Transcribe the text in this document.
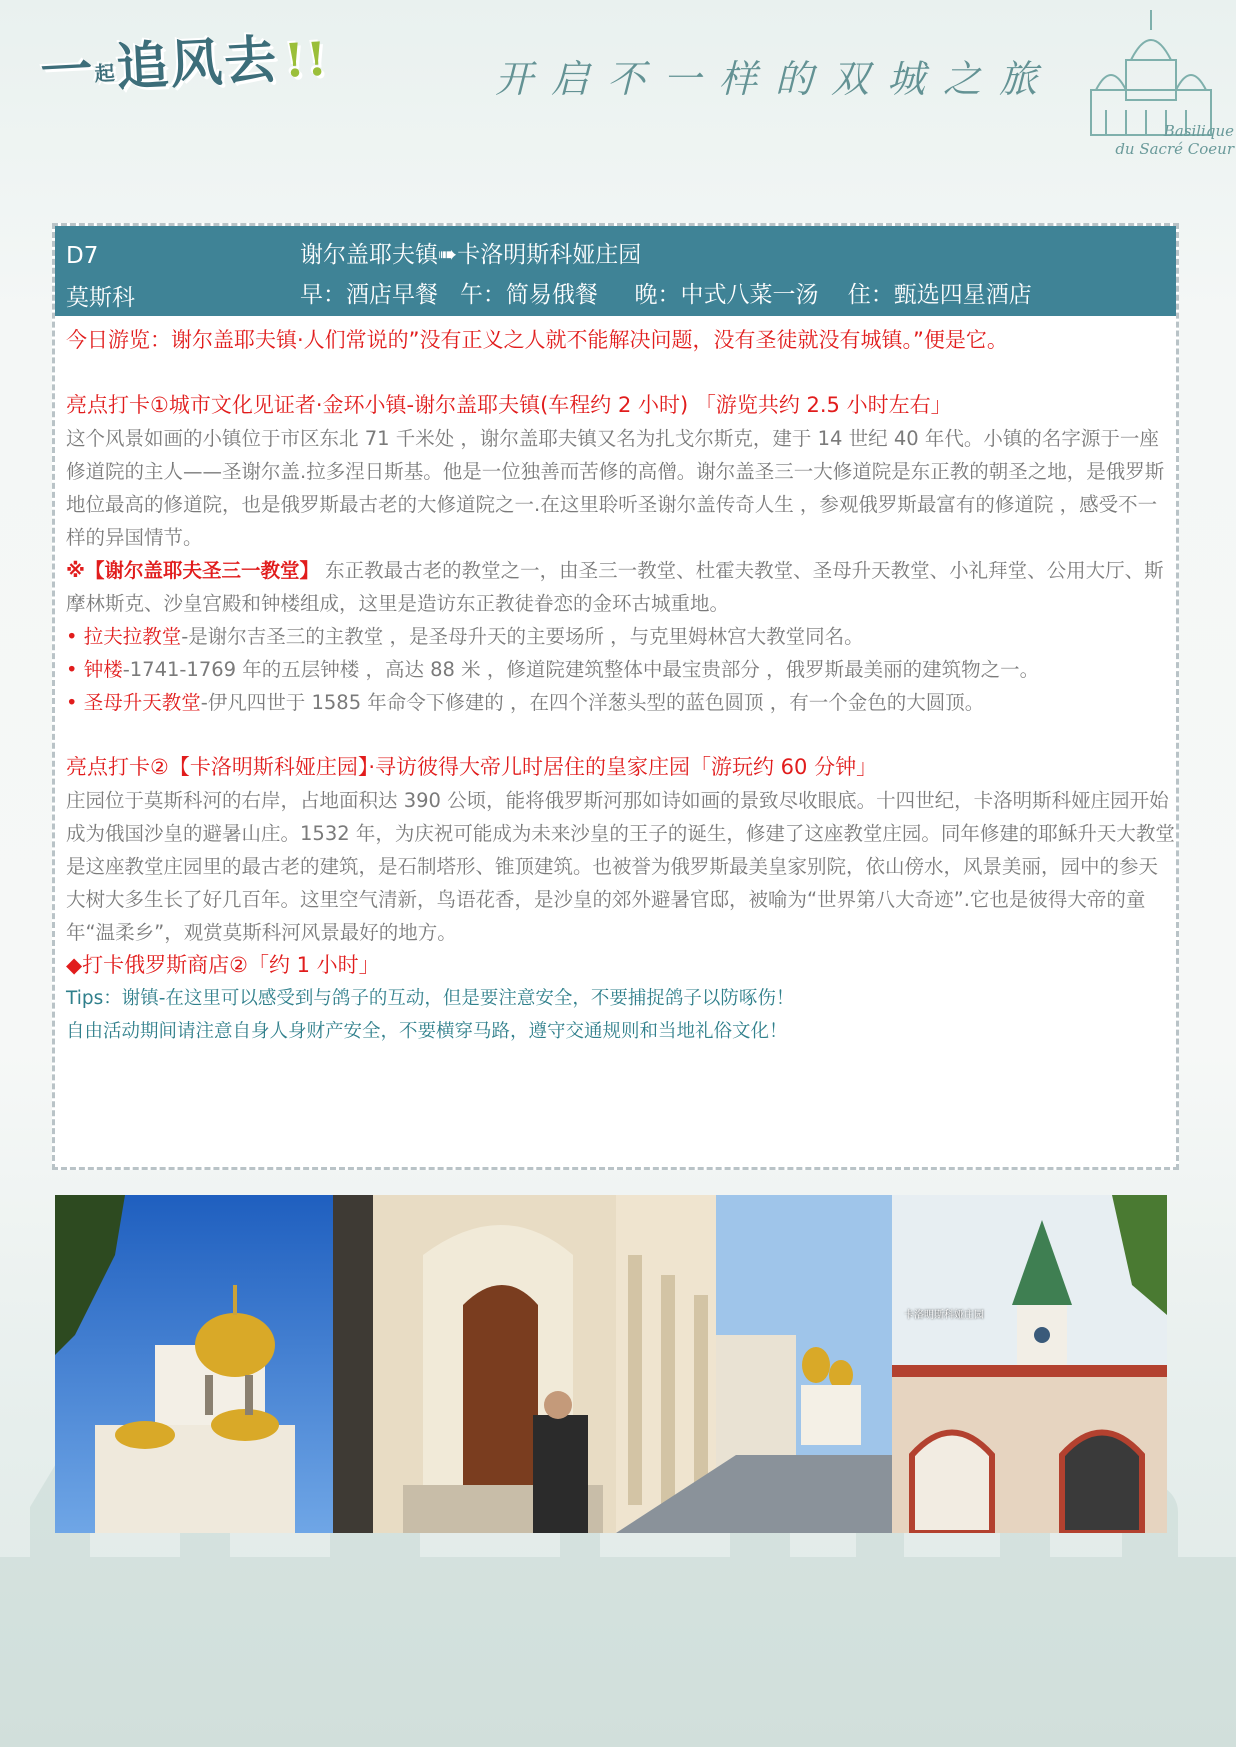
一起追风去!!	开启不一样的双城之旅
Basilique
du Sacré Coeur
D7
莫斯科
谢尔盖耶夫镇➠卡洛明斯科娅庄园
早：酒店早餐   午：简易俄餐     晚：中式八菜一汤    住：甄选四星酒店

今日游览：谢尔盖耶夫镇·人们常说的”没有正义之人就不能解决问题，没有圣徒就没有城镇。”便是它。

亮点打卡①城市文化见证者·金环小镇-谢尔盖耶夫镇(车程约 2 小时) 「游览共约 2.5 小时左右」

这个风景如画的小镇位于市区东北 71 千米处 ，谢尔盖耶夫镇又名为扎戈尔斯克，建于 14 世纪 40 年代。小镇的名字源于一座修道院的主人——圣谢尔盖.拉多涅日斯基。他是一位独善而苦修的高僧。谢尔盖圣三一大修道院是东正教的朝圣之地，是俄罗斯地位最高的修道院，也是俄罗斯最古老的大修道院之一.在这里聆听圣谢尔盖传奇人生 ，参观俄罗斯最富有的修道院 ，感受不一样的异国情节。

※【谢尔盖耶夫圣三一教堂】 东正教最古老的教堂之一，由圣三一教堂、杜霍夫教堂、圣母升天教堂、小礼拜堂、公用大厅、斯摩林斯克、沙皇宫殿和钟楼组成，这里是造访东正教徒眷恋的金环古城重地。

• 拉夫拉教堂-是谢尔吉圣三的主教堂 ，是圣母升天的主要场所 ，与克里姆林宫大教堂同名。

• 钟楼-1741-1769 年的五层钟楼 ，高达 88 米 ，修道院建筑整体中最宝贵部分 ，俄罗斯最美丽的建筑物之一。

• 圣母升天教堂-伊凡四世于 1585 年命令下修建的 ，在四个洋葱头型的蓝色圆顶 ，有一个金色的大圆顶。

亮点打卡②【卡洛明斯科娅庄园】·寻访彼得大帝儿时居住的皇家庄园「游玩约 60 分钟」

庄园位于莫斯科河的右岸，占地面积达 390 公顷，能将俄罗斯河那如诗如画的景致尽收眼底。十四世纪，卡洛明斯科娅庄园开始成为俄国沙皇的避暑山庄。1532 年，为庆祝可能成为未来沙皇的王子的诞生，修建了这座教堂庄园。同年修建的耶稣升天大教堂是这座教堂庄园里的最古老的建筑，是石制塔形、锥顶建筑。也被誉为俄罗斯最美皇家别院，依山傍水，风景美丽，园中的参天大树大多生长了好几百年。这里空气清新，鸟语花香，是沙皇的郊外避暑官邸，被喻为“世界第八大奇迹”.它也是彼得大帝的童年“温柔乡”，观赏莫斯科河风景最好的地方。

◆打卡俄罗斯商店②「约 1 小时」

Tips：谢镇-在这里可以感受到与鸽子的互动，但是要注意安全，不要捕捉鸽子以防啄伤！

自由活动期间请注意自身人身财产安全，不要横穿马路，遵守交通规则和当地礼俗文化！

卡洛明斯科娅庄园
